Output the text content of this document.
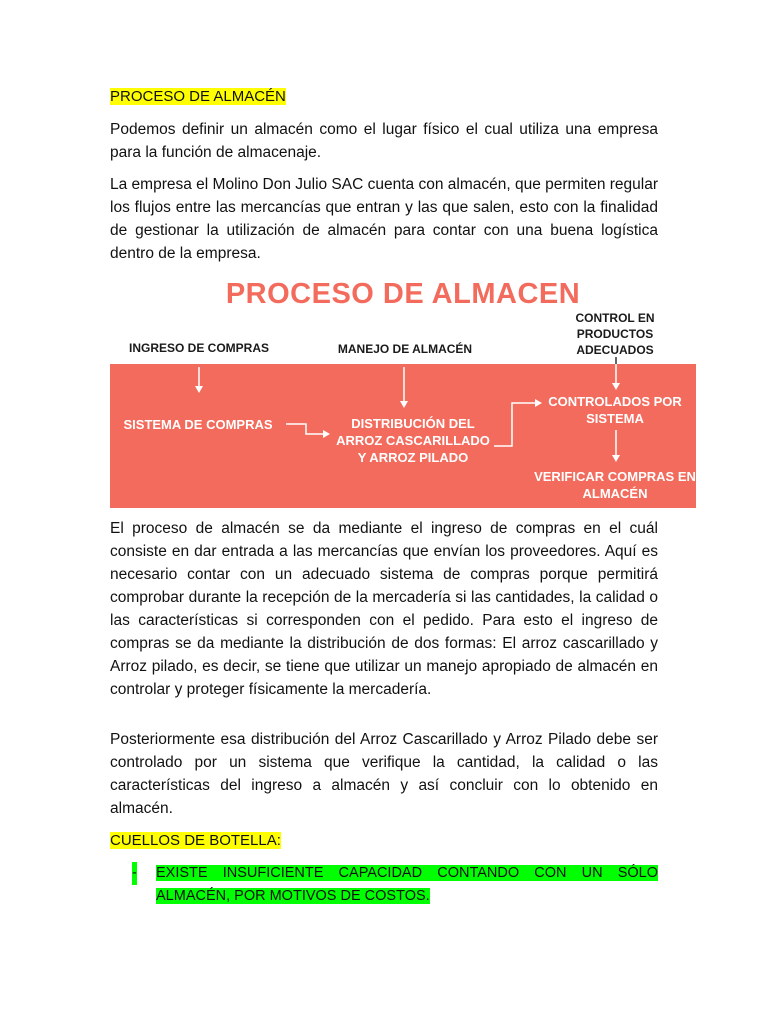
PROCESO DE ALMACÉN

Podemos definir un almacén como el lugar físico el cual utiliza una empresa para la función de almacenaje.

La empresa el Molino Don Julio SAC cuenta con almacén, que permiten regular los flujos entre las mercancías que entran y las que salen, esto con la finalidad de gestionar la utilización de almacén para contar con una buena logística dentro de la empresa.

PROCESO DE ALMACEN
INGRESO DE COMPRAS	MANEJO DE ALMACÉN
CONTROL EN PRODUCTOS ADECUADOS
SISTEMA DE COMPRAS	DISTRIBUCIÓN DEL ARROZ CASCARILLADO Y ARROZ PILADO
CONTROLADOS POR SISTEMA
VERIFICAR COMPRAS EN ALMACÉN

El proceso de almacén se da mediante el ingreso de compras en el cuál consiste en dar entrada a las mercancías que envían los proveedores. Aquí es necesario contar con un adecuado sistema de compras porque permitirá comprobar durante la recepción de la mercadería si las cantidades, la calidad o las características si corresponden con el pedido. Para esto el ingreso de compras se da mediante la distribución de dos formas: El arroz cascarillado y Arroz pilado, es decir, se tiene que utilizar un manejo apropiado de almacén en controlar y proteger físicamente la mercadería.

Posteriormente esa distribución del Arroz Cascarillado y Arroz Pilado debe ser controlado por un sistema que verifique la cantidad, la calidad o las características del ingreso a almacén y así concluir con lo obtenido en almacén.

CUELLOS DE BOTELLA:
- EXISTE INSUFICIENTE CAPACIDAD CONTANDO CON UN SÓLO
ALMACÉN, POR MOTIVOS DE COSTOS.
